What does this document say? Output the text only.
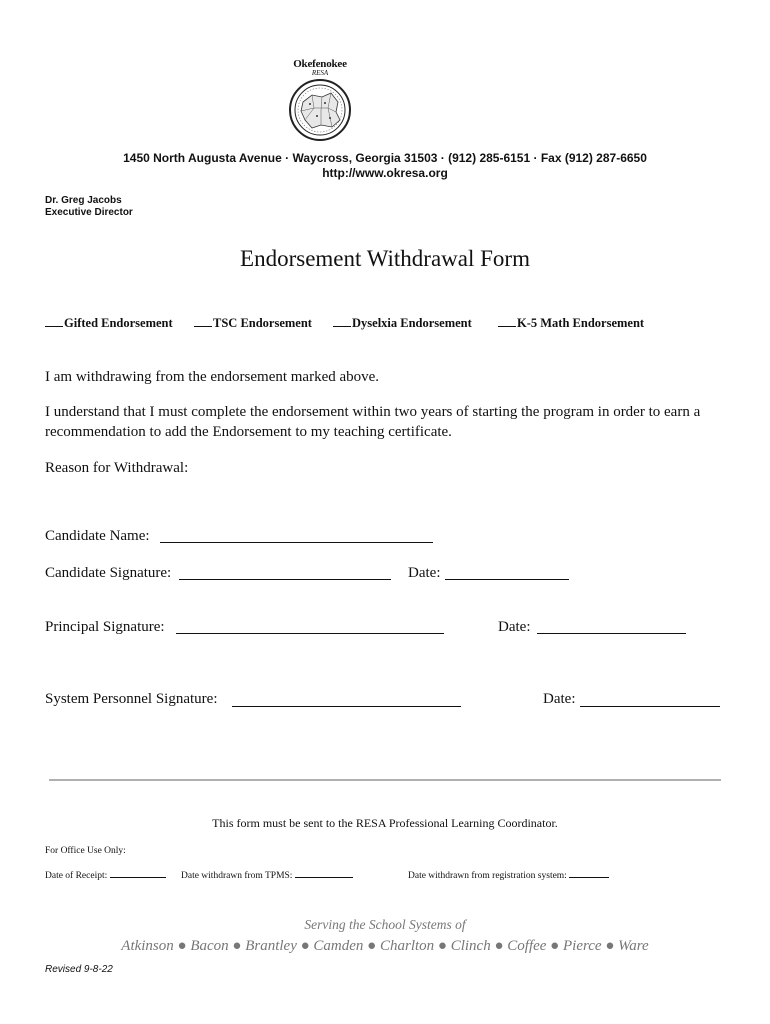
Okefenokee
RESA
1450 North Augusta Avenue · Waycross, Georgia 31503 · (912) 285-6151 · Fax (912) 287-6650
http://www.okresa.org
Dr. Greg Jacobs
Executive Director
Endorsement Withdrawal Form
Gifted Endorsement	TSC Endorsement	Dyselxia Endorsement	K-5 Math Endorsement
I am withdrawing from the endorsement marked above.
I understand that I must complete the endorsement within two years of starting the program in order to earn a recommendation to add the Endorsement to my teaching certificate.
Reason for Withdrawal:
Candidate Name:
Candidate Signature:	Date:
Principal Signature:	Date:
System Personnel Signature:	Date:
This form must be sent to the RESA Professional Learning Coordinator.
For Office Use Only:
Date of Receipt:	Date withdrawn from TPMS:	Date withdrawn from registration system:
Serving the School Systems of
Atkinson ● Bacon ● Brantley ● Camden ● Charlton ● Clinch ● Coffee ● Pierce ● Ware
Revised 9-8-22
